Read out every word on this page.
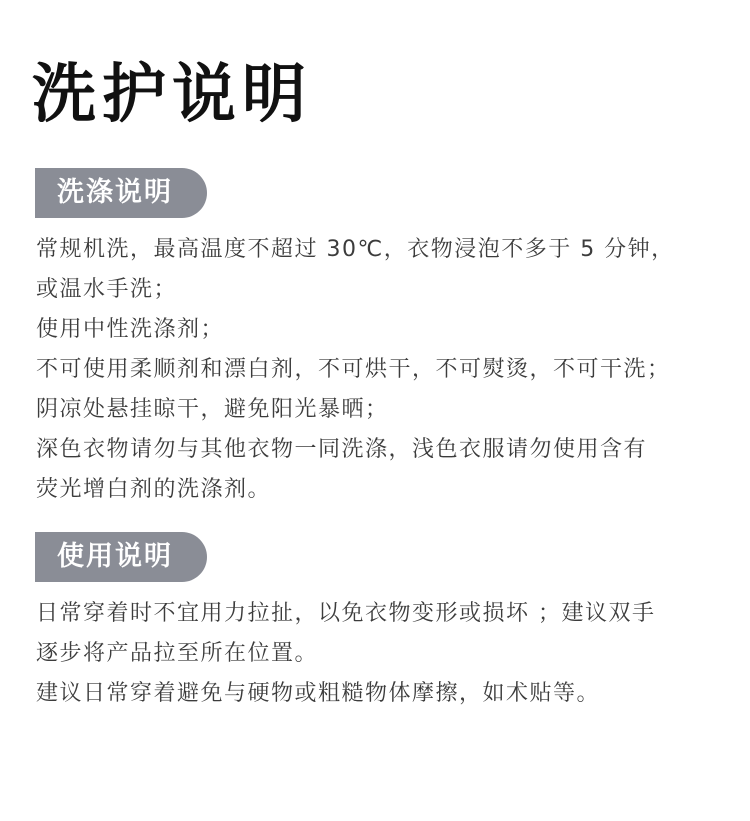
洗护说明
洗涤说明
常规机洗，最高温度不超过 30℃，衣物浸泡不多于 5 分钟，
或温水手洗；
使用中性洗涤剂；
不可使用柔顺剂和漂白剂，不可烘干，不可熨烫，不可干洗；
阴凉处悬挂晾干，避免阳光暴晒；
深色衣物请勿与其他衣物一同洗涤，浅色衣服请勿使用含有
荧光增白剂的洗涤剂。
使用说明
日常穿着时不宜用力拉扯，以免衣物变形或损坏 ；建议双手
逐步将产品拉至所在位置。
建议日常穿着避免与硬物或粗糙物体摩擦，如术贴等。
